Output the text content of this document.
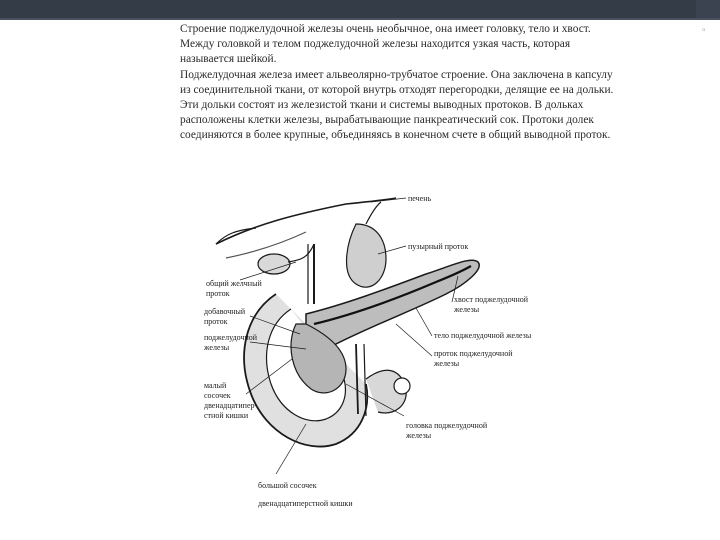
▫

Строение поджелудочной железы очень необычное, она имеет головку, тело и хвост. Между головкой и телом поджелудочной железы находится узкая часть, которая называется шейкой.

Поджелудочная железа имеет альвеолярно-трубчатое строение. Она заключена в капсулу из соединительной ткани, от которой внутрь отходят перегородки, делящие ее на дольки. Эти дольки состоят из железистой ткани и системы выводных протоков. В дольках расположены клетки железы, вырабатывающие панкреатический сок. Протоки долек соединяются в более крупные, объединяясь в конечном счете в общий выводной проток.

печень
пузырный проток
общий желчный
проток
добавочный
проток
поджелудочной
железы
малый
сосочек
двенадцатипер-
стной кишки
хвост поджелудочной
железы
тело поджелудочной железы
проток поджелудочной
железы
головка поджелудочной
железы
большой сосочек
двенадцатиперстной кишки
